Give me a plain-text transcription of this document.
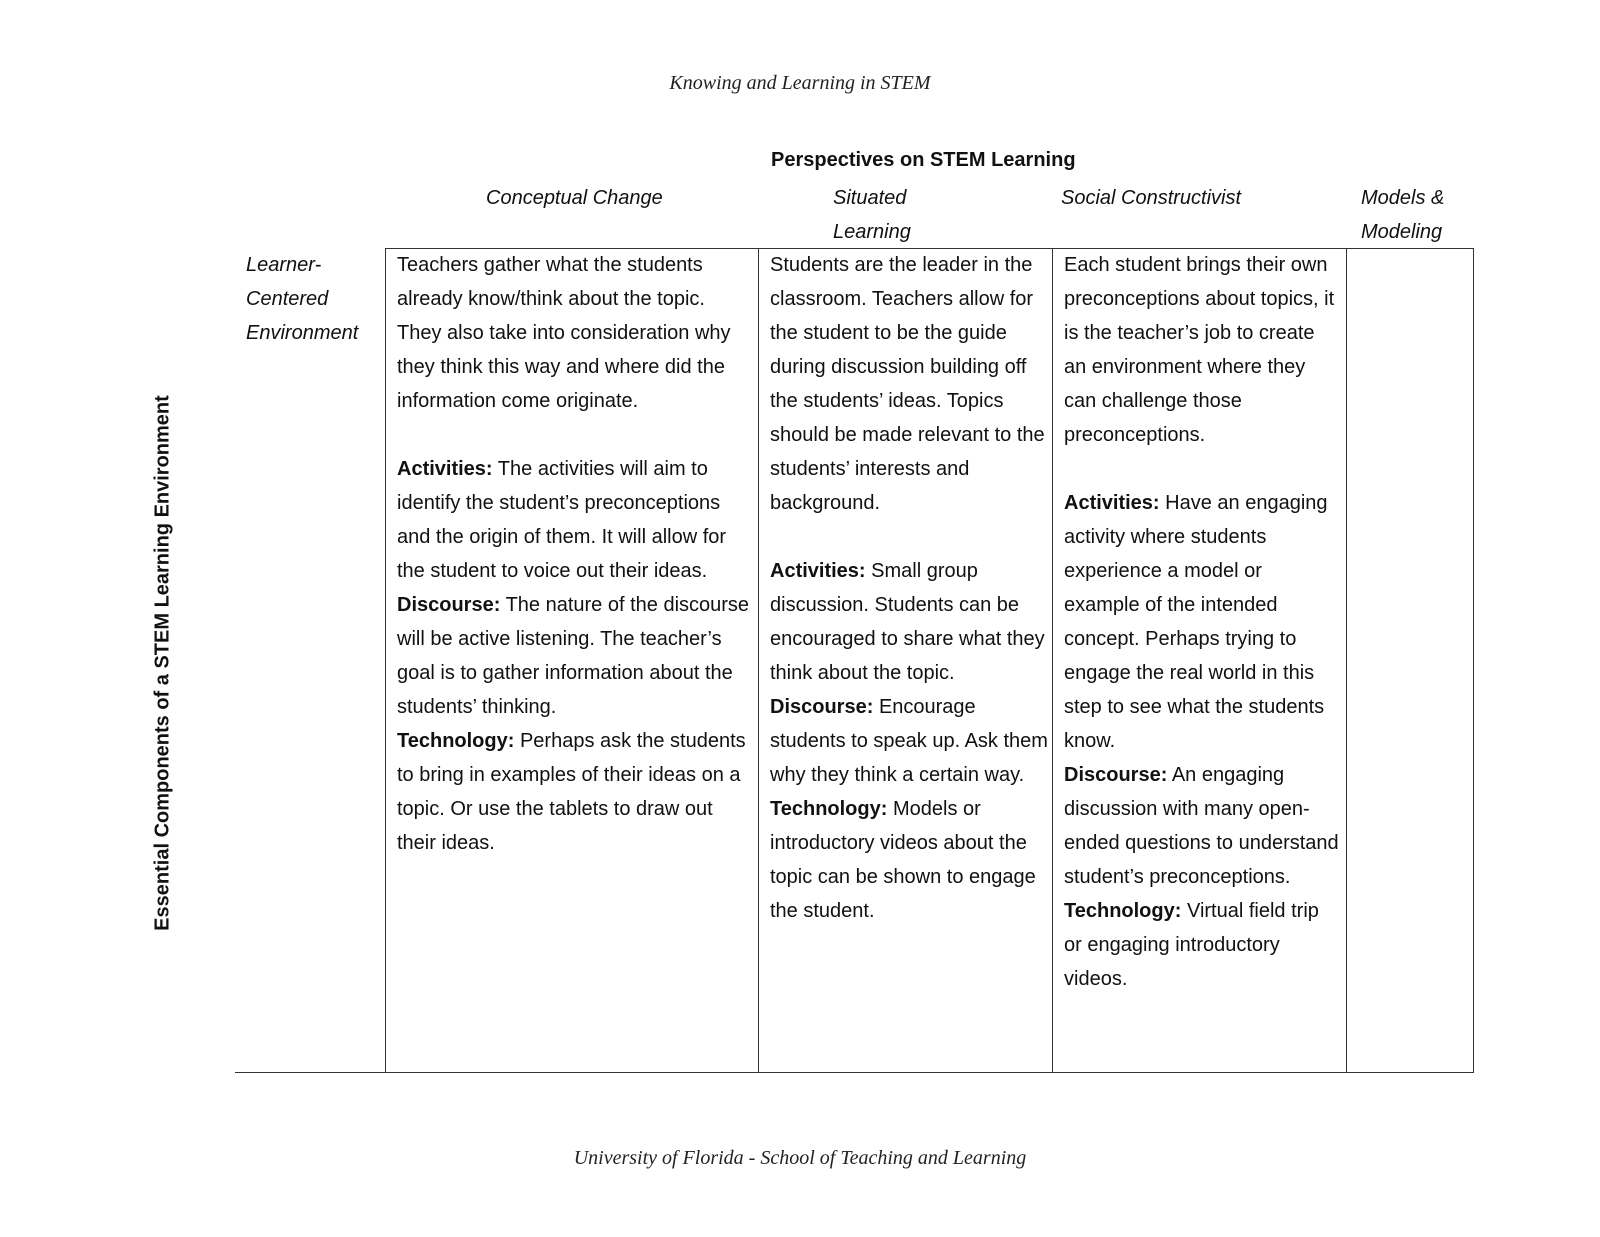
Knowing and Learning in STEM
Essential Components of a STEM Learning Environment
Perspectives on STEM Learning
Conceptual Change	Situated
Learning
Social Constructivist	Models &
Modeling
Learner-
Centered
Environment

Teachers gather what the students already know/think about the topic. They also take into consideration why they think this way and where did the information come originate.

Activities: The activities will aim to identify the student’s preconceptions and the origin of them. It will allow for the student to voice out their ideas.

Discourse: The nature of the discourse will be active listening. The teacher’s goal is to gather information about the students’ thinking.

Technology: Perhaps ask the students to bring in examples of their ideas on a topic. Or use the tablets to draw out their ideas.

Students are the leader in the classroom. Teachers allow for the student to be the guide during discussion building off the students’ ideas. Topics should be made relevant to the students’ interests and background.

Activities: Small group discussion. Students can be encouraged to share what they think about the topic.

Discourse: Encourage students to speak up. Ask them why they think a certain way.

Technology: Models or introductory videos about the topic can be shown to engage the student.

Each student brings their own preconceptions about topics, it is the teacher’s job to create an environment where they can challenge those preconceptions.

Activities: Have an engaging activity where students experience a model or example of the intended concept. Perhaps trying to engage the real world in this step to see what the students know.

Discourse: An engaging discussion with many open-ended questions to understand student’s preconceptions.

Technology: Virtual field trip or engaging introductory videos.

University of Florida - School of Teaching and Learning
